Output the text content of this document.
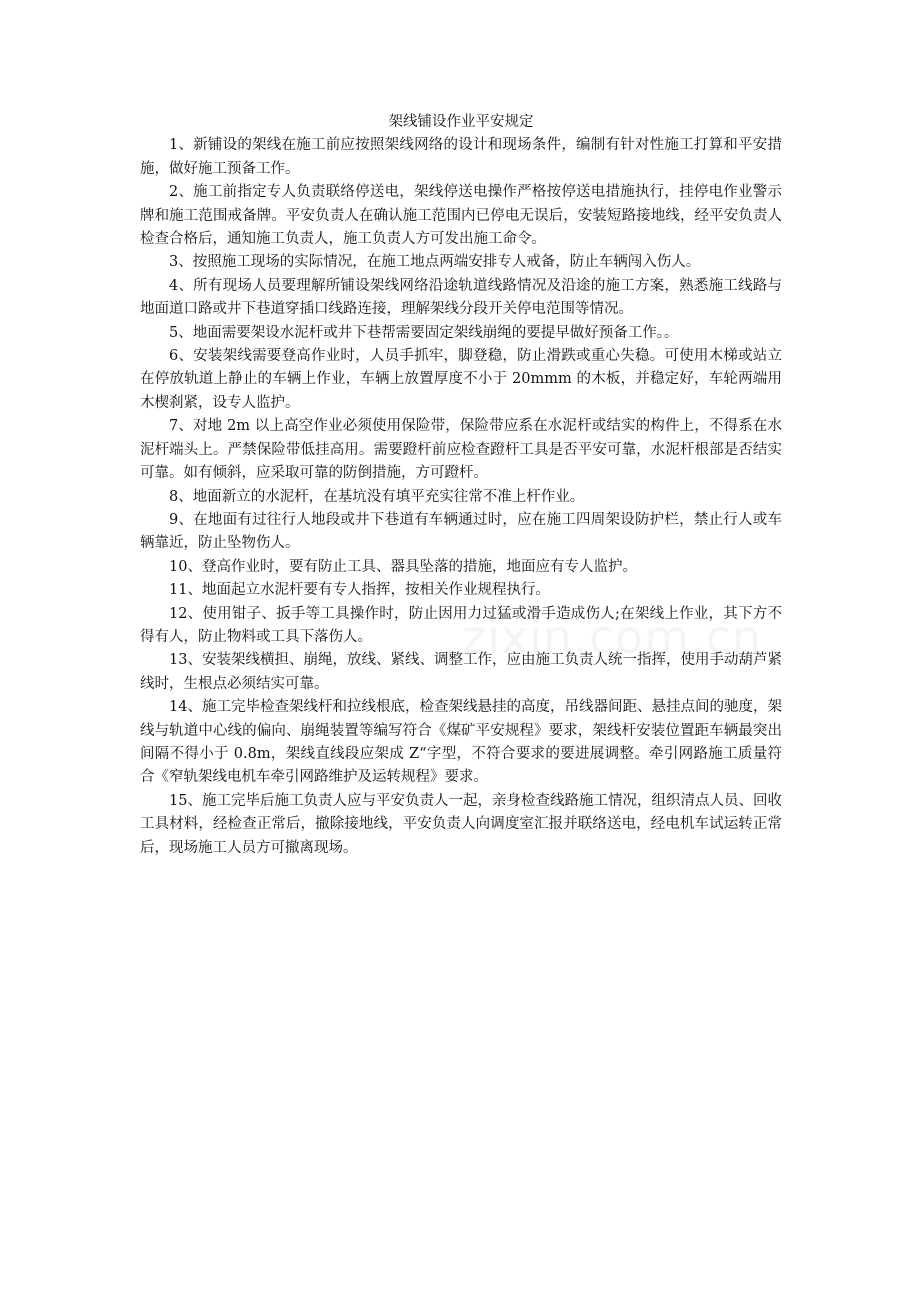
架线铺设作业平安规定

1、新铺设的架线在施工前应按照架线网络的设计和现场条件，编制有针对性施工打算和平安措施，做好施工预备工作。

2、施工前指定专人负责联络停送电，架线停送电操作严格按停送电措施执行，挂停电作业警示牌和施工范围戒备牌。平安负责人在确认施工范围内已停电无误后，安装短路接地线，经平安负责人检查合格后，通知施工负责人，施工负责人方可发出施工命令。

3、按照施工现场的实际情况，在施工地点两端安排专人戒备，防止车辆闯入伤人。

4、所有现场人员要理解所铺设架线网络沿途轨道线路情况及沿途的施工方案，熟悉施工线路与地面道口路或井下巷道穿插口线路连接，理解架线分段开关停电范围等情况。

5、地面需要架设水泥杆或井下巷帮需要固定架线崩绳的要提早做好预备工作。。

6、安装架线需要登高作业时，人员手抓牢，脚登稳，防止滑跌或重心失稳。可使用木梯或站立在停放轨道上静止的车辆上作业，车辆上放置厚度不小于 20mmm 的木板，并稳定好，车轮两端用木楔刹紧，设专人监护。

7、对地 2m 以上高空作业必须使用保险带，保险带应系在水泥杆或结实的构件上，不得系在水泥杆端头上。严禁保险带低挂高用。需要蹬杆前应检查蹬杆工具是否平安可靠，水泥杆根部是否结实可靠。如有倾斜，应采取可靠的防倒措施，方可蹬杆。

8、地面新立的水泥杆，在基坑没有填平充实往常不准上杆作业。

9、在地面有过往行人地段或井下巷道有车辆通过时，应在施工四周架设防护栏，禁止行人或车辆靠近，防止坠物伤人。

10、登高作业时，要有防止工具、器具坠落的措施，地面应有专人监护。

11、地面起立水泥杆要有专人指挥，按相关作业规程执行。

12、使用钳子、扳手等工具操作时，防止因用力过猛或滑手造成伤人;在架线上作业，其下方不得有人，防止物料或工具下落伤人。

13、安装架线横担、崩绳，放线、紧线、调整工作，应由施工负责人统一指挥，使用手动葫芦紧线时，生根点必须结实可靠。

14、施工完毕检查架线杆和拉线根底，检查架线悬挂的高度，吊线器间距、悬挂点间的驰度，架线与轨道中心线的偏向、崩绳装置等编写符合《煤矿平安规程》要求，架线杆安装位置距车辆最突出间隔不得小于 0.8m，架线直线段应架成 Z“字型，不符合要求的要进展调整。牵引网路施工质量符合《窄轨架线电机车牵引网路维护及运转规程》要求。

15、施工完毕后施工负责人应与平安负责人一起，亲身检查线路施工情况，组织清点人员、回收工具材料，经检查正常后，撤除接地线，平安负责人向调度室汇报并联络送电，经电机车试运转正常后，现场施工人员方可撤离现场。
